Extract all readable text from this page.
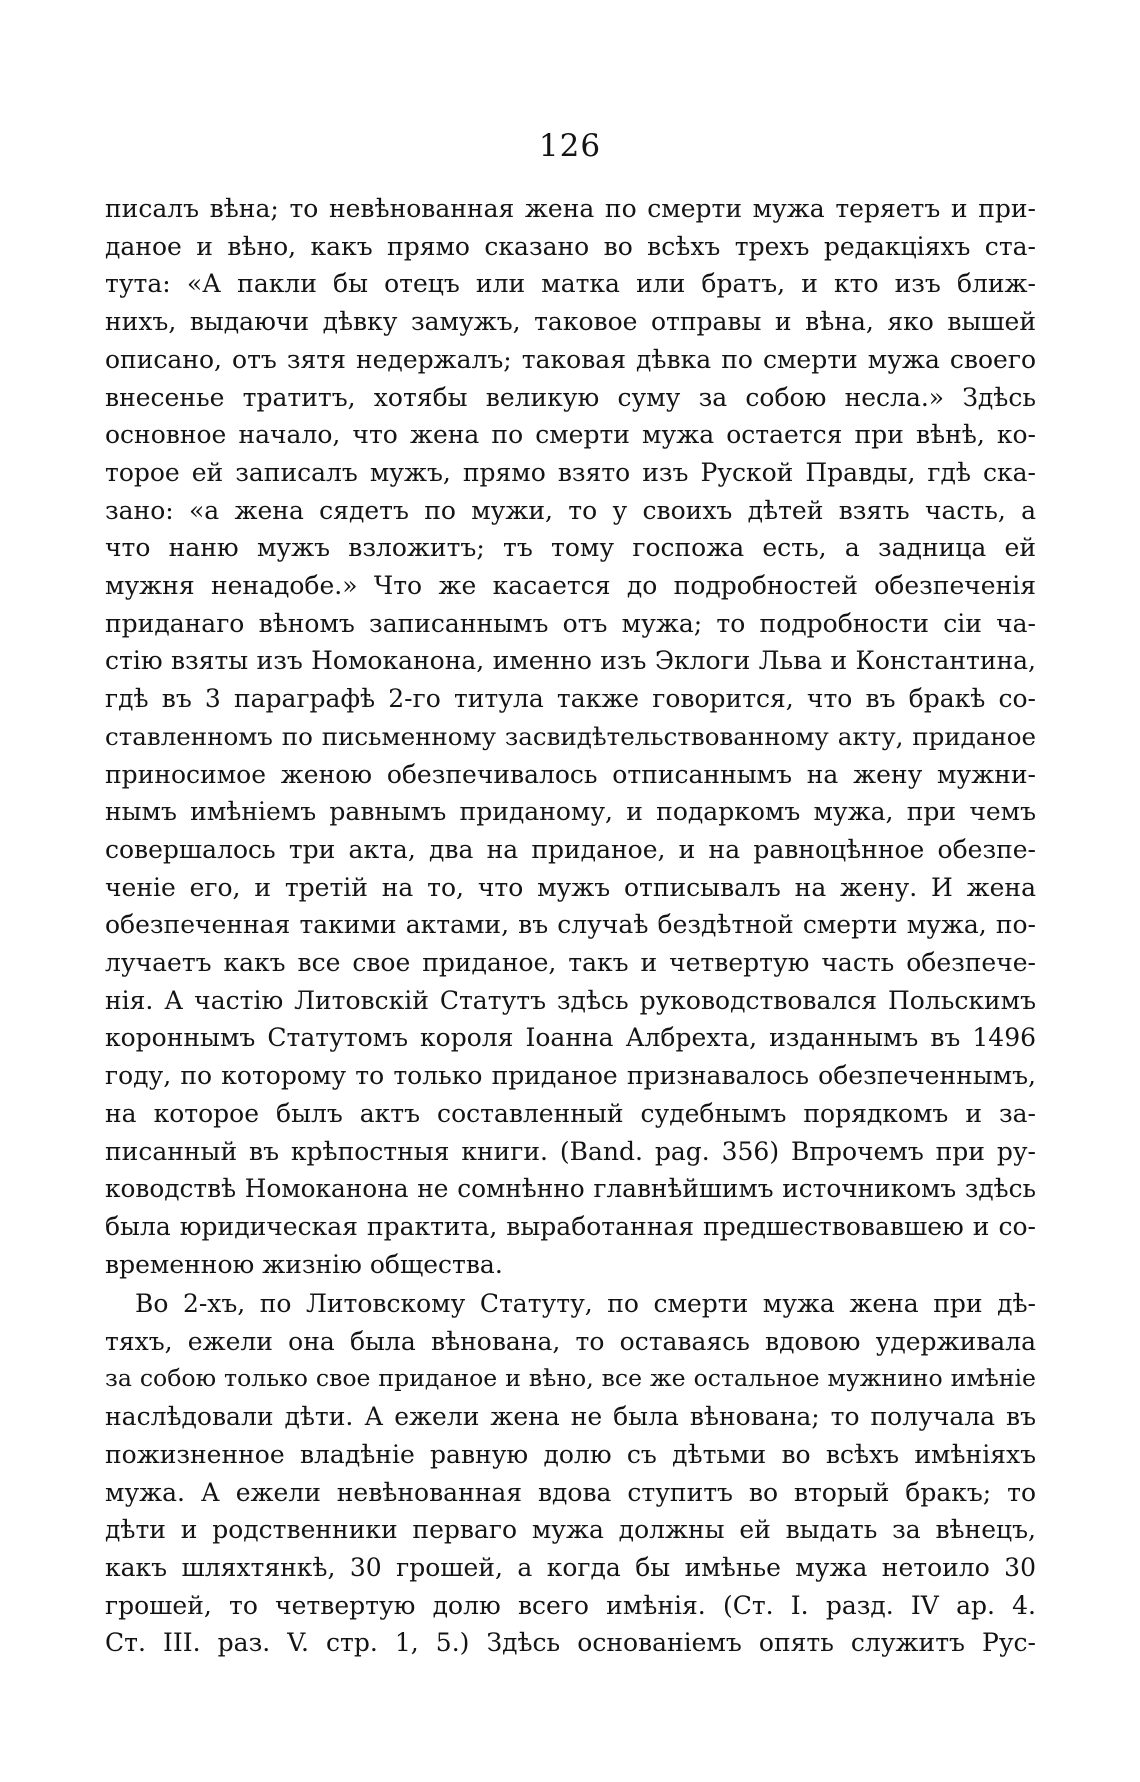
126
писалъ вѣна; то невѣнованная жена по смерти мужа теряетъ и при-
даное и вѣно, какъ прямо сказано во всѣхъ трехъ редакціяхъ ста-
тута: «А пакли бы отецъ или матка или братъ, и кто изъ ближ-
нихъ, выдаючи дѣвку замужъ, таковое отправы и вѣна, яко вышей
описано, отъ зятя недержалъ; таковая дѣвка по смерти мужа своего
внесенье тратитъ, хотябы великую суму за собою несла.» Здѣсь
основное начало, что жена по смерти мужа остается при вѣнѣ, ко-
торое ей записалъ мужъ, прямо взято изъ Руской Правды, гдѣ ска-
зано: «а жена сядетъ по мужи, то у своихъ дѣтей взять часть, а
что наню мужъ взложитъ; тъ тому госпожа есть, а задница ей
мужня ненадобе.» Что же касается до подробностей обезпеченія
приданаго вѣномъ записаннымъ отъ мужа; то подробности сіи ча-
стію взяты изъ Номоканона, именно изъ Эклоги Льва и Константина,
гдѣ въ 3 параграфѣ 2-го титула также говорится, что въ бракѣ со-
ставленномъ по письменному засвидѣтельствованному акту, приданое
приносимое женою обезпечивалось отписаннымъ на жену мужни-
нымъ имѣніемъ равнымъ приданому, и подаркомъ мужа, при чемъ
совершалось три акта, два на приданое, и на равноцѣнное обезпе-
ченіе его, и третій на то, что мужъ отписывалъ на жену. И жена
обезпеченная такими актами, въ случаѣ бездѣтной смерти мужа, по-
лучаетъ какъ все свое приданое, такъ и четвертую часть обезпече-
нія. А частію Литовскій Статутъ здѣсь руководствовался Польскимъ
короннымъ Статутомъ короля Іоанна Албрехта, изданнымъ въ 1496
году, по которому то только приданое признавалось обезпеченнымъ,
на которое былъ актъ составленный судебнымъ порядкомъ и за-
писанный въ крѣпостныя книги. (Band. pag. 356) Впрочемъ при ру-
ководствѣ Номоканона не сомнѣнно главнѣйшимъ источникомъ здѣсь
была юридическая практита, выработанная предшествовавшею и со-
временною жизнію общества.
Во 2-хъ, по Литовскому Статуту, по смерти мужа жена при дѣ-
тяхъ, ежели она была вѣнована, то оставаясь вдовою удерживала
за собою только свое приданое и вѣно, все же остальное мужнино имѣніе
наслѣдовали дѣти. А ежели жена не была вѣнована; то получала въ
пожизненное владѣніе равную долю съ дѣтьми во всѣхъ имѣніяхъ
мужа. А ежели невѣнованная вдова ступитъ во вторый бракъ; то
дѣти и родственники перваго мужа должны ей выдать за вѣнецъ,
какъ шляхтянкѣ, 30 грошей, а когда бы имѣнье мужа нетоило 30
грошей, то четвертую долю всего имѣнія. (Ст. I. разд. IV ар. 4.
Ст. III. раз. V. стр. 1, 5.) Здѣсь основаніемъ опять служитъ Рус-
